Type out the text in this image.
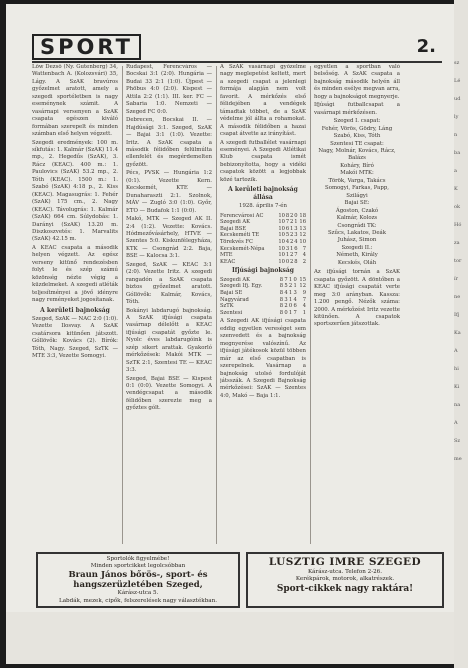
SPORT	2.

Lőw Dezső (Ny. Gutenberg) 34, Wattenbach A. (Kolozsvári) 35, Lágy. A SzAK bravúros győzelmet aratott, amely a szegedi sportéletben is nagy eseménynek számit. A vasárnapi versenyen a SzAK csapata egészen kiváló formában szerepelt és minden számban első helyen végzett.

Szegedi eredmények: 100 m. síkfutás: 1. Kalmár (SzAK) 11.4 mp., 2. Hegedűs (SzAK), 3. Rácz (KEAC). 400 m.: 1. Paulovics (SzAK) 53.2 mp., 2. Tóth (KEAC). 1500 m.: 1. Szabó (SzAK) 4:18 p., 2. Kiss (KEAC). Magasugrás: 1. Fehér (SzAK) 175 cm., 2. Nagy (KEAC). Távolugrás: 1. Kalmár (SzAK) 664 cm. Súlydobás: 1. Darányi (SzAK) 13.20 m. Diszkoszvetés: 1. Marvalits (SzAK) 42.15 m.

A KEAC csapata a második helyen végzett. Az egész verseny kitünő rendezésben folyt le és szép számú közönség nézte végig a küzdelmeket. A szegedi atléták teljesítményei a jövő idényre nagy reményeket jogosítanak.

A kerületi bajnokság

Szeged, SzAK — NAC 2:0 (1:0). Vezette Ilosvay. A SzAK csatársora kitünően játszott. Góllövők: Kovács (2). Bírók: Tóth, Nagy. Szeged, SzTK — MTE 3:3, Vezette Somogyi.

Rudapest, Ferencváros — Bocskai 3:1 (2:0). Hungária — Budai 33 2:1 (1:0). Újpest — Phöbus 4:0 (2:0). Kispest — Attila 2:2 (1:1). III. ker. FC — Sabaria 1:0. Nemzeti — Szeged FC 0:0.

Debrecen, Bocskai II. — Hajdúsági 3:1. Szeged, SzAK — Bajai 3:1 (1:0). Vezette: Iritz. A SzAK csapata a második félidőben felülmúlta ellenfelét és megérdemelten győzött.

Pécs, PVSK — Hungária 1:2 (0:1). Vezette Kern. Kecskemét, KTE — Dunaharaszti 2:1. Szolnok, MÁV — Zugló 3:0 (1:0). Győr, ETO — Budafok 1:1 (0:0).

Makó, MTK — Szeged AK II. 2:4 (1:2). Vezette: Kovács. Hódmezővásárhely, HTVE — Szentes 5:0. Kiskunfélegyháza, KTK — Csongrád 2:2. Baja, BSE — Kalocsa 3:1.

Szeged, SzAK — KEAC 3:1 (2:0). Vezette Iritz. A szegedi rangadón a SzAK csapata biztos győzelmet aratott. Góllövők: Kalmár, Kovács, Tóth.

Bokányi labdarugó bajnokság. A SzAK ifjúsági csapata vasárnap délelőtt a KEAC ifjúsági csapatát győzte le. Nyolc éves labdarugóink is szép sikert arattak. Gyakorló mérkőzések: Makói MTK — SzTK 2:1, Szentesi TE — KEAC 3:3.

Szeged, Bajai BSE — Kispest 0:1 (0:0). Vezette Somogyi. A vendégcsapat a második félidőben szerezte meg a győztes gólt.

A SzAK vasárnapi győzelme nagy meglepetést keltett, mert a szegedi csapat a jelenlegi formája alapján nem volt favorit. A mérkőzés első félidejében a vendégek támadtak többet, de a SzAK védelme jól állta a rohamokat. A második félidőben a hazai csapat átvette az irányítást.

A szegedi futballélet vasárnapi eseményei. A Szegedi Atlétikai Klub csapata ismét bebizonyította, hogy a vidéki csapatok között a legjobbak közé tartozik.

A kerületi bajnokság állása
1928. április 7-én
Ferencvárosi AC	10	8	2	0	18
Szegedi AK	10	7	2	1	16
Bajai BSE	10	6	1	3	13
Kecskeméti TE	10	5	2	3	12
Törekvés FC	10	4	2	4	10
Kecskemét-Népa	10	3	1	6	7
MTE	10	1	2	7	4
KEAC	10	0	2	8	2
Ifjúsági bajnokság
Szegedi AK	8	7	1	0	15
Szegedi Ifj. Egy.	8	5	2	1	12
Bajai SE	8	4	1	3	9
Nagyvárad	8	3	1	4	7
SzTK	8	2	0	6	4
Szentesi	8	0	1	7	1

A Szegedi AK ifjúsági csapata eddig egyetlen vereséget sem szenvedett és a bajnokság megnyerése valószínű. Az ifjúsági játékosok közül többen már az első csapatban is szerepelnek. Vasárnap a bajnokság utolsó fordulóját játsszák. A Szegedi Bajnokság mérkőzései: SzAK — Szentes 4:0, Makó — Baja 1:1.

egyetlen a sportban való belsőség. A SzAK csapata a bajnokság második helyén áll és minden esélye megvan arra, hogy a bajnokságot megnyerje.

Ifjúsági futballcsapat a vasárnapi mérkőzésen.

Szeged I. csapat:
Fehér, Vörös, Gödry, Láng
Szabó, Kiss, Tóth
Szentesi TE csapat:
Nagy, Molnár, Kovács, Rácz, Balázs
Koháry, Bíró
Makói MTK:
Török, Varga, Takács
Somogyi, Farkas, Papp, Szilágyi
Bajai SE:
Ágoston, Czakó
Kalmár, Kolozs
Csongrádi TK:
Szűcs, Lakatos, Deák
Juhász, Simon
Szegedi II.:
Németh, Király
Kecskés, Oláh

Az ifjúsági tornán a SzAK csapata győzött. A döntőben a KEAC ifjúsági csapatát verte meg 3:0 arányban. Kassza: 1.200 pengő. Nézők száma: 2000. A mérkőzést Iritz vezette kitünően. A csapatok sportszerűen játszottak.

Sportolók figyelmébe!
Minden sportcikket legolcsóbban
Braun János bőrös-, sport- és
hangszerüzletében Szeged,
Kárász-utca 5.
Labdák, mezek, cipők, felszerelések nagy választékban.
LUSZTIG IMRE SZEGED
Kárász-utca. Telefon 2-26.
Kerékpárok, motorok, alkatrészek.
Sport-cikkek nagy raktára!
sz
Lé
ud
ly
n
ba
a
K
ok
Hó
za
tor
ír
ne
Ifj
Ka
A
hi
Ki
na
A
Sz
me
